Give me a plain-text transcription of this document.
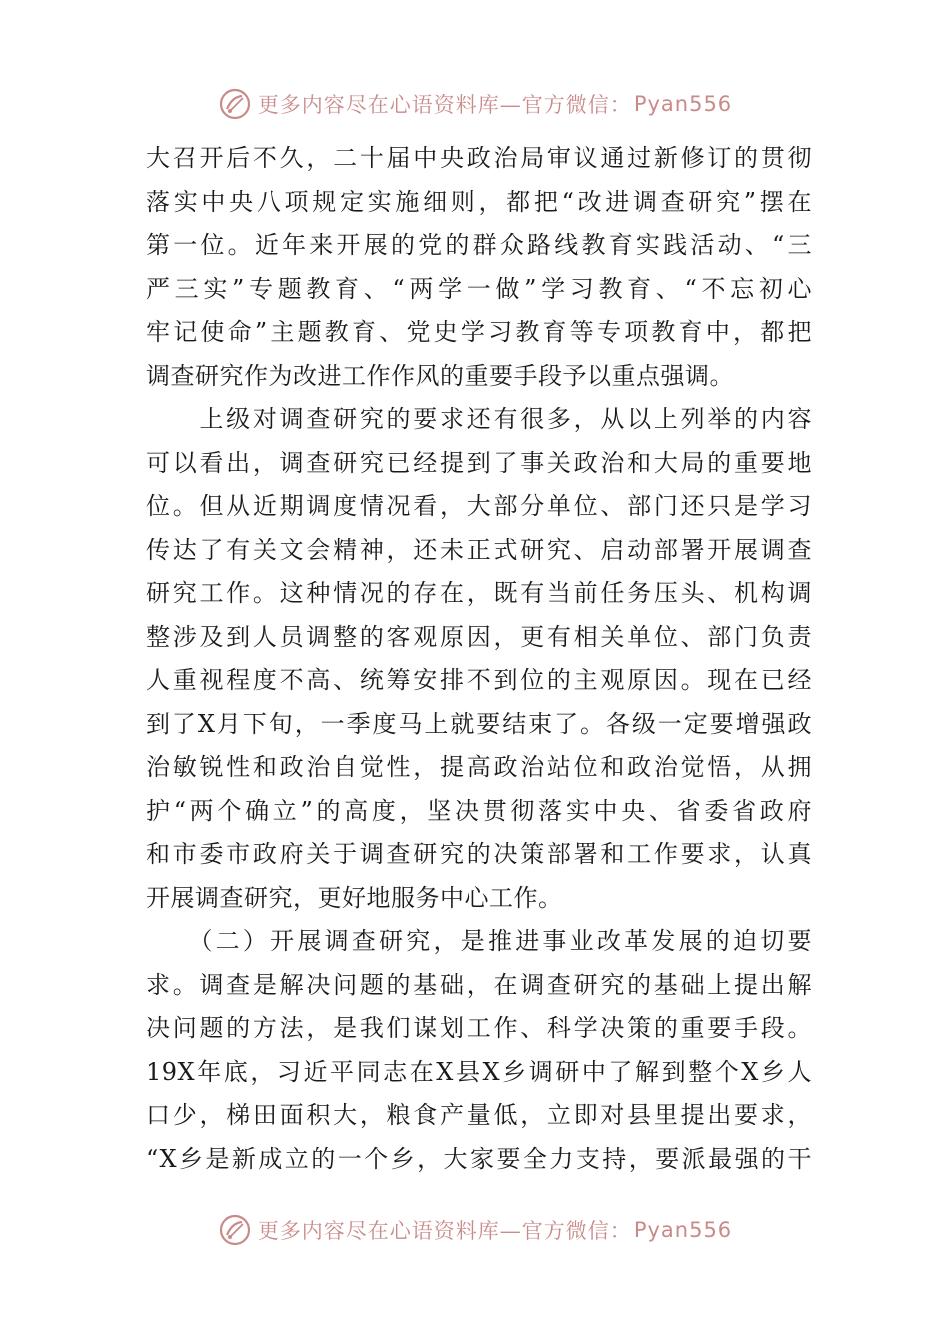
更多内容尽在心语资料库—官方微信： Pyan556
大召开后不久，二十届中央政治局审议通过新修订的贯彻
落实中央八项规定实施细则，都把“改进调查研究”摆在
第一位。近年来开展的党的群众路线教育实践活动、“三
严三实”专题教育、“两学一做”学习教育、“不忘初心
牢记使命”主题教育、党史学习教育等专项教育中，都把
调查研究作为改进工作作风的重要手段予以重点强调。
　　上级对调查研究的要求还有很多，从以上列举的内容
可以看出，调查研究已经提到了事关政治和大局的重要地
位。但从近期调度情况看，大部分单位、部门还只是学习
传达了有关文会精神，还未正式研究、启动部署开展调查
研究工作。这种情况的存在，既有当前任务压头、机构调
整涉及到人员调整的客观原因，更有相关单位、部门负责
人重视程度不高、统筹安排不到位的主观原因。现在已经
到了X月下旬，一季度马上就要结束了。各级一定要增强政
治敏锐性和政治自觉性，提高政治站位和政治觉悟，从拥
护“两个确立”的高度，坚决贯彻落实中央、省委省政府
和市委市政府关于调查研究的决策部署和工作要求，认真
开展调查研究，更好地服务中心工作。
　　（二）开展调查研究，是推进事业改革发展的迫切要
求。调查是解决问题的基础，在调查研究的基础上提出解
决问题的方法，是我们谋划工作、科学决策的重要手段。
19X年底，习近平同志在X县X乡调研中了解到整个X乡人
口少，梯田面积大，粮食产量低，立即对县里提出要求，
“X乡是新成立的一个乡，大家要全力支持，要派最强的干
更多内容尽在心语资料库—官方微信： Pyan556
